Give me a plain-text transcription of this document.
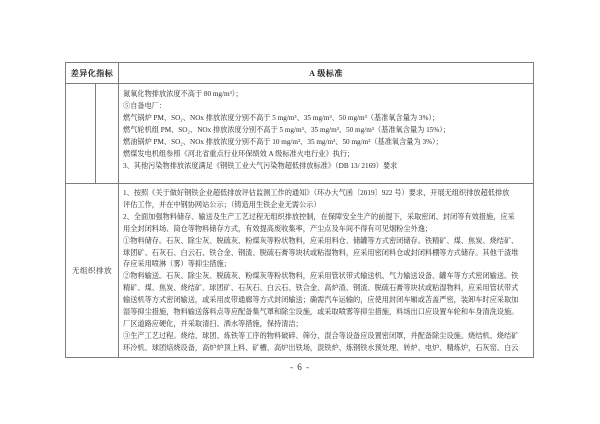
差异化指标	A 级标准
氮氧化物排放浓度不高于 80 mg/m³）；
⑤自备电厂：
燃气锅炉 PM、SO₂、NOx 排放浓度分别不高于 5 mg/m³、35 mg/m³、50 mg/m³（基准氧含量为 3%）；
燃气轮机组 PM、SO₂、NOx 排放浓度分别不高于 5 mg/m³、35 mg/m³、50 mg/m³（基准氧含量为 15%）；
燃油锅炉 PM、SO₂、NOx 排放浓度分别不高于 10 mg/m³、35 mg/m³、50 mg/m³（基准氧含量为 3%）；
燃煤发电机组参照《河北省重点行业环保绩效 A 级标准火电行业》执行；
3、其他污染物排放浓度满足《钢铁工业大气污染物超低排放标准》（DB 13/ 2169）要求
无组织排放
1、按照《关于做好钢铁企业超低排放评估监测工作的通知》（环办大气函〔2019〕922 号）要求，开展无组织排放超低排放
评估工作，并在中钢协网站公示；（铸造用生铁企业无需公示）
2、全面加强物料储存、输送及生产工艺过程无组织排放控制，在保障安全生产的前提下，采取密闭、封闭等有效措施，应采
用全封闭料场、筒仓等物料储存方式，有效提高废收集率，产尘点及车间不得有可见烟粉尘外逸；
①物料储存。石灰、除尘灰、脱硫灰、粉煤灰等粉状物料，应采用料仓、储罐等方式密闭储存。铁精矿、煤、焦炭、烧结矿、
球团矿、石灰石、白云石、铁合金、钢渣、脱硫石膏等块状或粘湿物料，应采用密闭料仓或封闭料棚等方式储存。其他干渣堆
存应采用喷淋（雾）等抑尘措施；
②物料输送。石灰、除尘灰、脱硫灰、粉煤灰等粉状物料，应采用管状带式输送机、气力输送设备、罐车等方式密闭输送。铁
精矿、煤、焦炭、烧结矿、球团矿、石灰石、白云石、铁合金、高炉渣、钢渣、脱硫石膏等块状或粘湿物料，应采用管状带式
输送机等方式密闭输送，或采用皮带通廊等方式封闭输送；确需汽车运输的，应使用封闭车厢或苫盖严密，装卸车时应采取加
湿等抑尘措施，物料输送落料点等应配备集气罩和除尘设施，或采取喷雾等抑尘措施，料场出口应设置车轮和车身清洗设施。
厂区道路应硬化，并采取清扫、洒水等措施，保持清洁；
③生产工艺过程。烧结、球团、炼铁等工序的物料破碎、筛分、混合等设备应设置密闭罩，并配备除尘设施。烧结机、烧结矿
环冷机、球团焙烧设备，高炉炉顶上料、矿槽、高炉出铁场，混铁炉、炼钢铁水预处理、转炉、电炉、精炼炉，石灰窑、白云
- 6 -
